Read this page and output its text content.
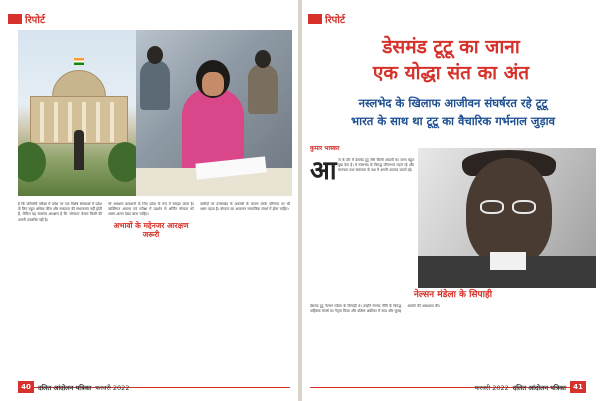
रिपोर्ट

है कि प्रतियोगी परीक्षा में प्रवेश पर एक विशेष संस्थाओं में प्रवेश के लिए बहुत अधिक फीस और सफलता की संभावनाएं नहीं होती हैं, लेकिन यह सामान्य आरक्षण है कि 'योग्यता' केवल किसी की अपनी उपलब्धि नहीं है।

भी आरक्षण प्रावधानों के लिए प्रवेश के रूप में समझा जाता है। व्यक्तिगत अवसर एवं परीक्षा में प्रदर्शन से अर्जित योग्यता को अलग-अलग देखा जाना चाहिए।

अभावों के मद्देनजर आरक्षण जरूरी

उम्मीदों पर उत्तराखंड के अवसरों के कारण उनके परिणाम पर भी असर पड़ता है। योग्यता का आकलन सामाजिक संदर्भ में होना चाहिए।

40	दलित आंदोलन पत्रिका फरवरी 2022
रिपोर्ट
डेसमंड टूटू का जाना
एक योद्धा संत का अंत
नस्लभेद के खिलाफ आजीवन संघर्षरत रहे टूटू
भारत के साथ था टूटू का वैचारिक गर्भनाल जुड़ाव
कुमार भास्कर
आ ज के दौर में डेसमंड टूटू जैसे किसी आदमी का जाना बहुत दुख देता है। वे नस्लभेद के विरुद्ध जीवनभर लड़ते रहे और मानवता तथा समानता के पक्ष में अपनी आवाज उठाते रहे।

नेल्सन मंडेला के सिपाही

डेसमंड टूटू नेल्सन मंडेला के सिपाही थे। उन्होंने रंगभेद नीति के विरुद्ध अहिंसक संघर्ष का नेतृत्व किया और दक्षिण अफ्रीका में सत्य और सुलह आयोग की अध्यक्षता की।

फरवरी 2022 दलित आंदोलन पत्रिका	41
